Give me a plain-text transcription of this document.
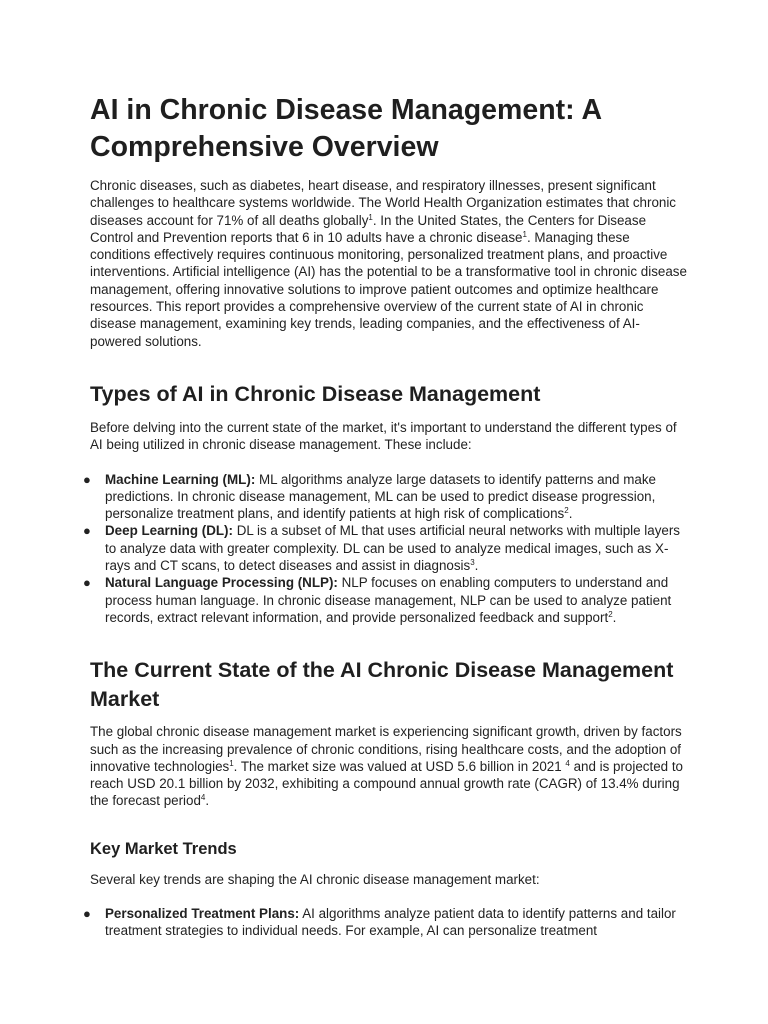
AI in Chronic Disease Management: A Comprehensive Overview

Chronic diseases, such as diabetes, heart disease, and respiratory illnesses, present significant challenges to healthcare systems worldwide. The World Health Organization estimates that chronic diseases account for 71% of all deaths globally$^1$. In the United States, the Centers for Disease Control and Prevention reports that 6 in 10 adults have a chronic disease$^1$. Managing these conditions effectively requires continuous monitoring, personalized treatment plans, and proactive interventions. Artificial intelligence (AI) has the potential to be a transformative tool in chronic disease management, offering innovative solutions to improve patient outcomes and optimize healthcare resources. This report provides a comprehensive overview of the current state of AI in chronic disease management, examining key trends, leading companies, and the effectiveness of AI-powered solutions.

Types of AI in Chronic Disease Management

Before delving into the current state of the market, it's important to understand the different types of AI being utilized in chronic disease management. These include:

● Machine Learning (ML): ML algorithms analyze large datasets to identify patterns and make predictions. In chronic disease management, ML can be used to predict disease progression, personalize treatment plans, and identify patients at high risk of complications$^2$.
● Deep Learning (DL): DL is a subset of ML that uses artificial neural networks with multiple layers to analyze data with greater complexity. DL can be used to analyze medical images, such as X-rays and CT scans, to detect diseases and assist in diagnosis$^3$.
● Natural Language Processing (NLP): NLP focuses on enabling computers to understand and process human language. In chronic disease management, NLP can be used to analyze patient records, extract relevant information, and provide personalized feedback and support$^2$.
The Current State of the AI Chronic Disease Management Market

The global chronic disease management market is experiencing significant growth, driven by factors such as the increasing prevalence of chronic conditions, rising healthcare costs, and the adoption of innovative technologies$^1$. The market size was valued at USD 5.6 billion in 2021 $^4$ and is projected to reach USD 20.1 billion by 2032, exhibiting a compound annual growth rate (CAGR) of 13.4% during the forecast period$^4$.

Key Market Trends

Several key trends are shaping the AI chronic disease management market:

● Personalized Treatment Plans: AI algorithms analyze patient data to identify patterns and tailor treatment strategies to individual needs. For example, AI can personalize treatment
